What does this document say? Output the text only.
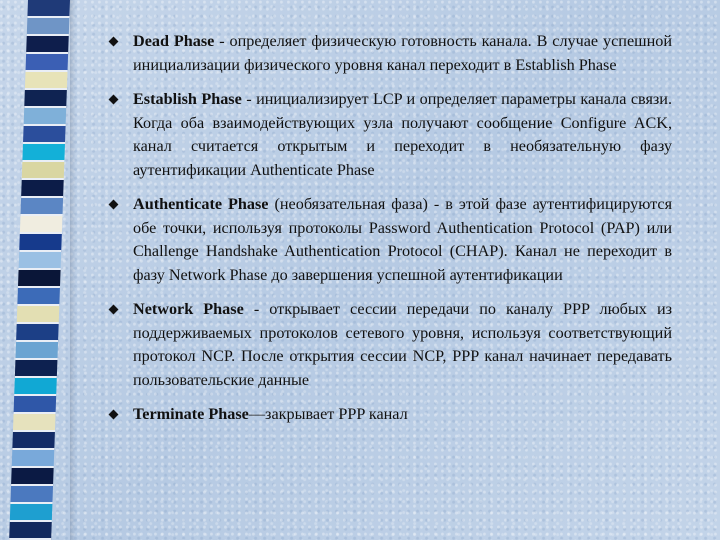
Dead Phase - определяет физическую готовность канала. В случае успешной инициализации физического уровня канал переходит в Establish Phase
Establish Phase - инициализирует LCP и определяет параметры канала связи. Когда оба взаимодействующих узла получают сообщение Configure ACK, канал считается открытым и переходит в необязательную фазу аутентификации Authenticate Phase
Authenticate Phase (необязательная фаза) - в этой фазе аутентифицируются обе точки, используя протоколы Password Authentication Protocol (PAP) или Challenge Handshake Authentication Protocol (CHAP). Канал не переходит в фазу Network Phase до завершения успешной аутентификации
Network Phase - открывает сессии передачи по каналу PPP любых из поддерживаемых протоколов сетевого уровня, используя соответствующий протокол NCP. После открытия сессии NCP, PPP канал начинает передавать пользовательские данные
Terminate Phase—закрывает PPP канал
